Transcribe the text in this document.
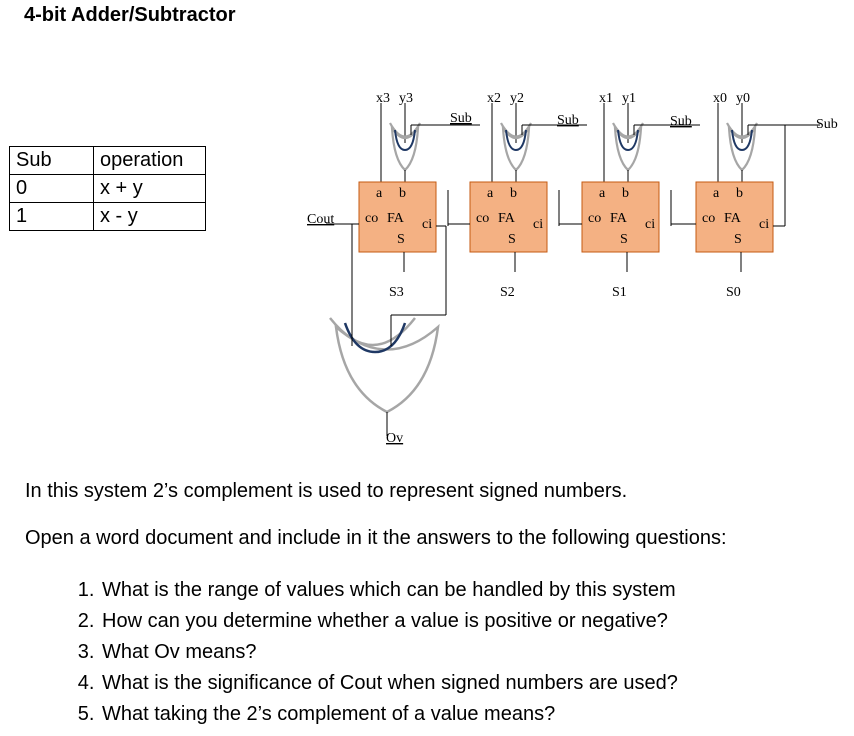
4-bit Adder/Subtractor
Sub	operation
0	x + y
1	x - y
x3 y3
a b
co FA ci
S
S3
Sub
x2 y2
a b
co FA ci
S
S2
Sub
x1 y1
a b
co FA ci
S
S1
Sub
x0 y0
a b
co FA ci
S
S0
Sub
Cout
Ov
In this system 2’s complement is used to represent signed numbers.
Open a word document and include in it the answers to the following questions:
1. What is the range of values which can be handled by this system
2. How can you determine whether a value is positive or negative?
3. What Ov means?
4. What is the significance of Cout when signed numbers are used?
5. What taking the 2’s complement of a value means?
